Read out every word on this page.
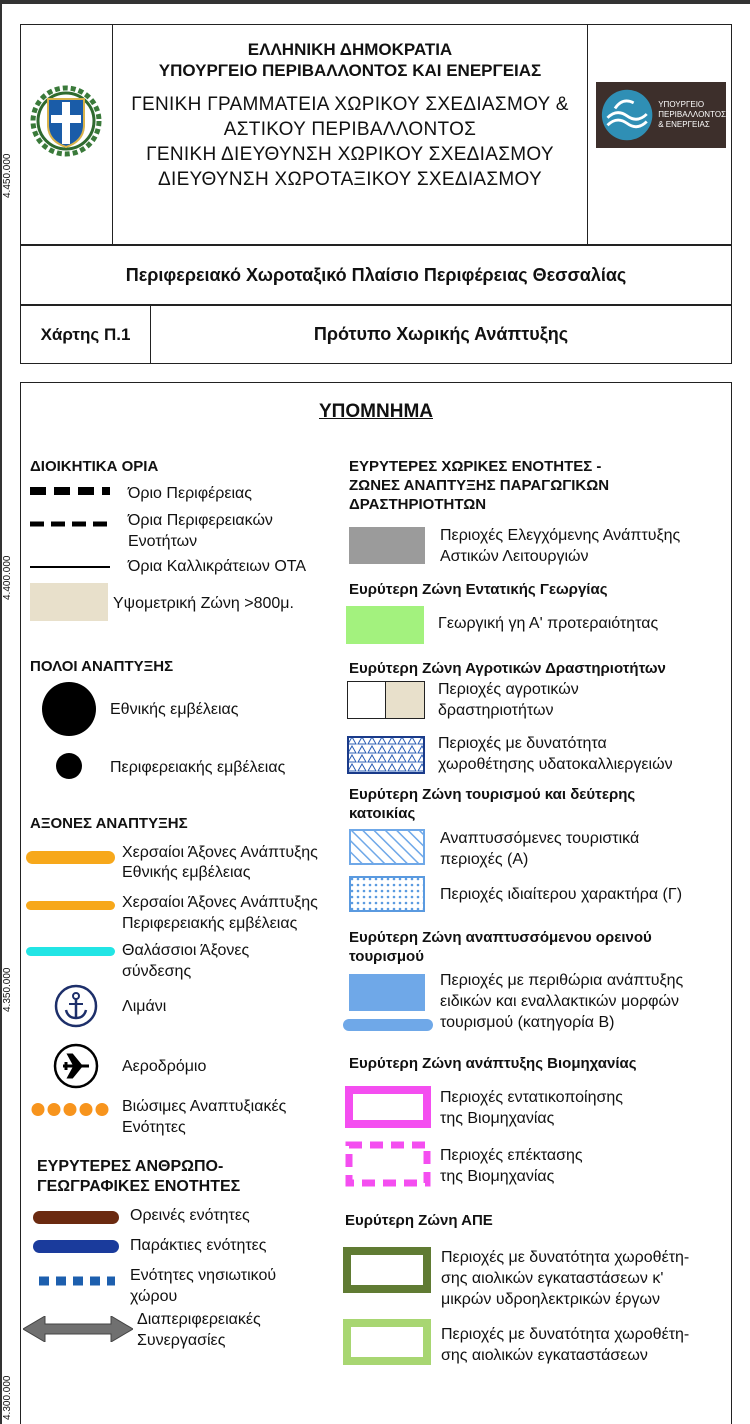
4.450.000
4.400.000
4.350.000
4.300.000
ΕΛΛΗΝΙΚΗ ΔΗΜΟΚΡΑΤΙΑ
ΥΠΟΥΡΓΕΙΟ ΠΕΡΙΒΑΛΛΟΝΤΟΣ ΚΑΙ ΕΝΕΡΓΕΙΑΣ
ΓΕΝΙΚΗ ΓΡΑΜΜΑΤΕΙΑ ΧΩΡΙΚΟΥ ΣΧΕΔΙΑΣΜΟΥ &
ΑΣΤΙΚΟΥ ΠΕΡΙΒΑΛΛΟΝΤΟΣ
ΓΕΝΙΚΗ ΔΙΕΥΘΥΝΣΗ ΧΩΡΙΚΟΥ ΣΧΕΔΙΑΣΜΟΥ
ΔΙΕΥΘΥΝΣΗ ΧΩΡΟΤΑΞΙΚΟΥ ΣΧΕΔΙΑΣΜΟΥ
ΥΠΟΥΡΓΕΙΟ
ΠΕΡΙΒΑΛΛΟΝΤΟΣ
& ΕΝΕΡΓΕΙΑΣ
Περιφερειακό Χωροταξικό Πλαίσιο Περιφέρειας Θεσσαλίας
Χάρτης Π.1	Πρότυπο Χωρικής Ανάπτυξης
ΥΠΟΜΝΗΜΑ
ΔΙΟΙΚΗΤΙΚΑ ΟΡΙΑ
Όριο Περιφέρειας
Όρια Περιφερειακών
Ενοτήτων
Όρια Καλλικράτειων ΟΤΑ
Υψομετρική Ζώνη >800μ.
ΠΟΛΟΙ ΑΝΑΠΤΥΞΗΣ
Εθνικής εμβέλειας
Περιφερειακής εμβέλειας
ΑΞΟΝΕΣ ΑΝΑΠΤΥΞΗΣ
Χερσαίοι Άξονες Ανάπτυξης
Εθνικής εμβέλειας
Χερσαίοι Άξονες Ανάπτυξης
Περιφερειακής εμβέλειας
Θαλάσσιοι Άξονες
σύνδεσης
Λιμάνι
Αεροδρόμιο
Βιώσιμες Αναπτυξιακές
Ενότητες
ΕΥΡΥΤΕΡΕΣ ΑΝΘΡΩΠΟ-
ΓΕΩΓΡΑΦΙΚΕΣ ΕΝΟΤΗΤΕΣ
Ορεινές ενότητες
Παράκτιες ενότητες
Ενότητες νησιωτικού
χώρου
Διαπεριφερειακές
Συνεργασίες
ΕΥΡΥΤΕΡΕΣ ΧΩΡΙΚΕΣ ΕΝΟΤΗΤΕΣ -
ΖΩΝΕΣ ΑΝΑΠΤΥΞΗΣ ΠΑΡΑΓΩΓΙΚΩΝ
ΔΡΑΣΤΗΡΙΟΤΗΤΩΝ
Περιοχές Ελεγχόμενης Ανάπτυξης
Αστικών Λειτουργιών
Ευρύτερη Ζώνη Εντατικής Γεωργίας
Γεωργική γη Α' προτεραιότητας
Ευρύτερη Ζώνη Αγροτικών Δραστηριοτήτων
Περιοχές αγροτικών
δραστηριοτήτων
Περιοχές με δυνατότητα
χωροθέτησης υδατοκαλλιεργειών
Ευρύτερη Ζώνη τουρισμού και δεύτερης
κατοικίας
Αναπτυσσόμενες τουριστικά
περιοχές (Α)
Περιοχές ιδιαίτερου χαρακτήρα (Γ)
Ευρύτερη Ζώνη αναπτυσσόμενου ορεινού
τουρισμού
Περιοχές με περιθώρια ανάπτυξης
ειδικών και εναλλακτικών μορφών
τουρισμού (κατηγορία Β)
Ευρύτερη Ζώνη ανάπτυξης Βιομηχανίας
Περιοχές εντατικοποίησης
της Βιομηχανίας
Περιοχές επέκτασης
της Βιομηχανίας
Ευρύτερη Ζώνη ΑΠΕ
Περιοχές με δυνατότητα χωροθέτη-
σης αιολικών εγκαταστάσεων κ'
μικρών υδροηλεκτρικών έργων
Περιοχές με δυνατότητα χωροθέτη-
σης αιολικών εγκαταστάσεων
